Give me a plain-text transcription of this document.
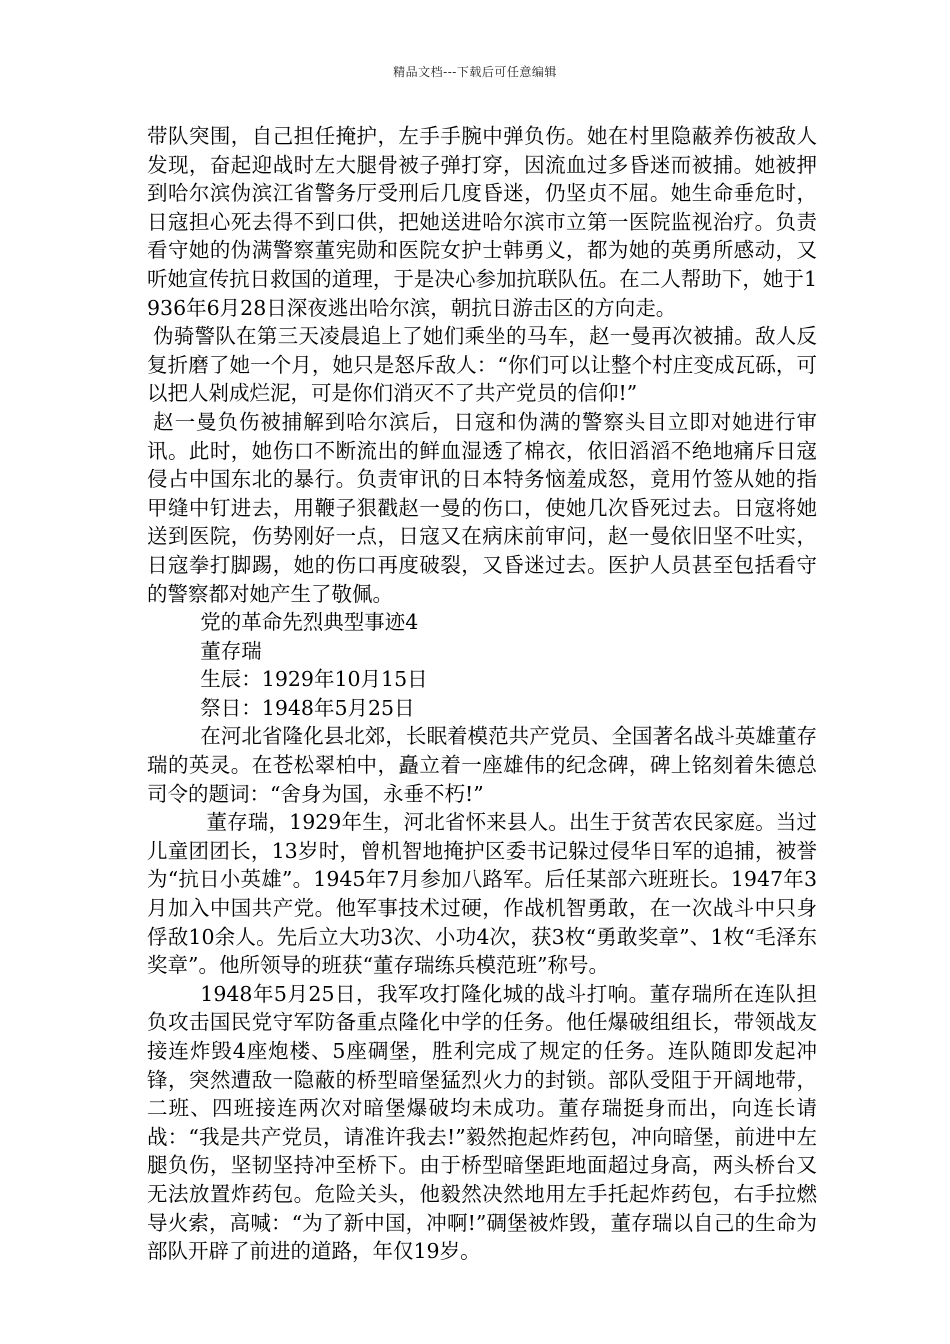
精品文档---下载后可任意编辑

带队突围，自己担任掩护，左手手腕中弹负伤。她在村里隐蔽养伤被敌人发现，奋起迎战时左大腿骨被子弹打穿，因流血过多昏迷而被捕。她被押到哈尔滨伪滨江省警务厅受刑后几度昏迷，仍坚贞不屈。她生命垂危时，日寇担心死去得不到口供，把她送进哈尔滨市立第一医院监视治疗。负责看守她的伪满警察董宪勋和医院女护士韩勇义，都为她的英勇所感动，又听她宣传抗日救国的道理，于是决心参加抗联队伍。在二人帮助下，她于1936年6月28日深夜逃出哈尔滨，朝抗日游击区的方向走。

伪骑警队在第三天凌晨追上了她们乘坐的马车，赵一曼再次被捕。敌人反复折磨了她一个月，她只是怒斥敌人：“你们可以让整个村庄变成瓦砾，可以把人剁成烂泥，可是你们消灭不了共产党员的信仰!”

赵一曼负伤被捕解到哈尔滨后，日寇和伪满的警察头目立即对她进行审讯。此时，她伤口不断流出的鲜血湿透了棉衣，依旧滔滔不绝地痛斥日寇侵占中国东北的暴行。负责审讯的日本特务恼羞成怒，竟用竹签从她的指甲缝中钉进去，用鞭子狠戳赵一曼的伤口，使她几次昏死过去。日寇将她送到医院，伤势刚好一点，日寇又在病床前审问，赵一曼依旧坚不吐实，日寇拳打脚踢，她的伤口再度破裂，又昏迷过去。医护人员甚至包括看守的警察都对她产生了敬佩。

党的革命先烈典型事迹4

董存瑞

生辰：1929年10月15日

祭日：1948年5月25日

在河北省隆化县北郊，长眠着模范共产党员、全国著名战斗英雄董存瑞的英灵。在苍松翠柏中，矗立着一座雄伟的纪念碑，碑上铭刻着朱德总司令的题词：“舍身为国，永垂不朽!”

董存瑞，1929年生，河北省怀来县人。出生于贫苦农民家庭。当过儿童团团长，13岁时，曾机智地掩护区委书记躲过侵华日军的追捕，被誉为“抗日小英雄”。1945年7月参加八路军。后任某部六班班长。1947年3月加入中国共产党。他军事技术过硬，作战机智勇敢，在一次战斗中只身俘敌10余人。先后立大功3次、小功4次，获3枚“勇敢奖章”、1枚“毛泽东奖章”。他所领导的班获“董存瑞练兵模范班”称号。

1948年5月25日，我军攻打隆化城的战斗打响。董存瑞所在连队担负攻击国民党守军防备重点隆化中学的任务。他任爆破组组长，带领战友接连炸毁4座炮楼、5座碉堡，胜利完成了规定的任务。连队随即发起冲锋，突然遭敌一隐蔽的桥型暗堡猛烈火力的封锁。部队受阻于开阔地带，二班、四班接连两次对暗堡爆破均未成功。董存瑞挺身而出，向连长请战：“我是共产党员，请准许我去!”毅然抱起炸药包，冲向暗堡，前进中左腿负伤，坚韧坚持冲至桥下。由于桥型暗堡距地面超过身高，两头桥台又无法放置炸药包。危险关头，他毅然决然地用左手托起炸药包，右手拉燃导火索，高喊：“为了新中国，冲啊!”碉堡被炸毁，董存瑞以自己的生命为部队开辟了前进的道路，年仅19岁。
